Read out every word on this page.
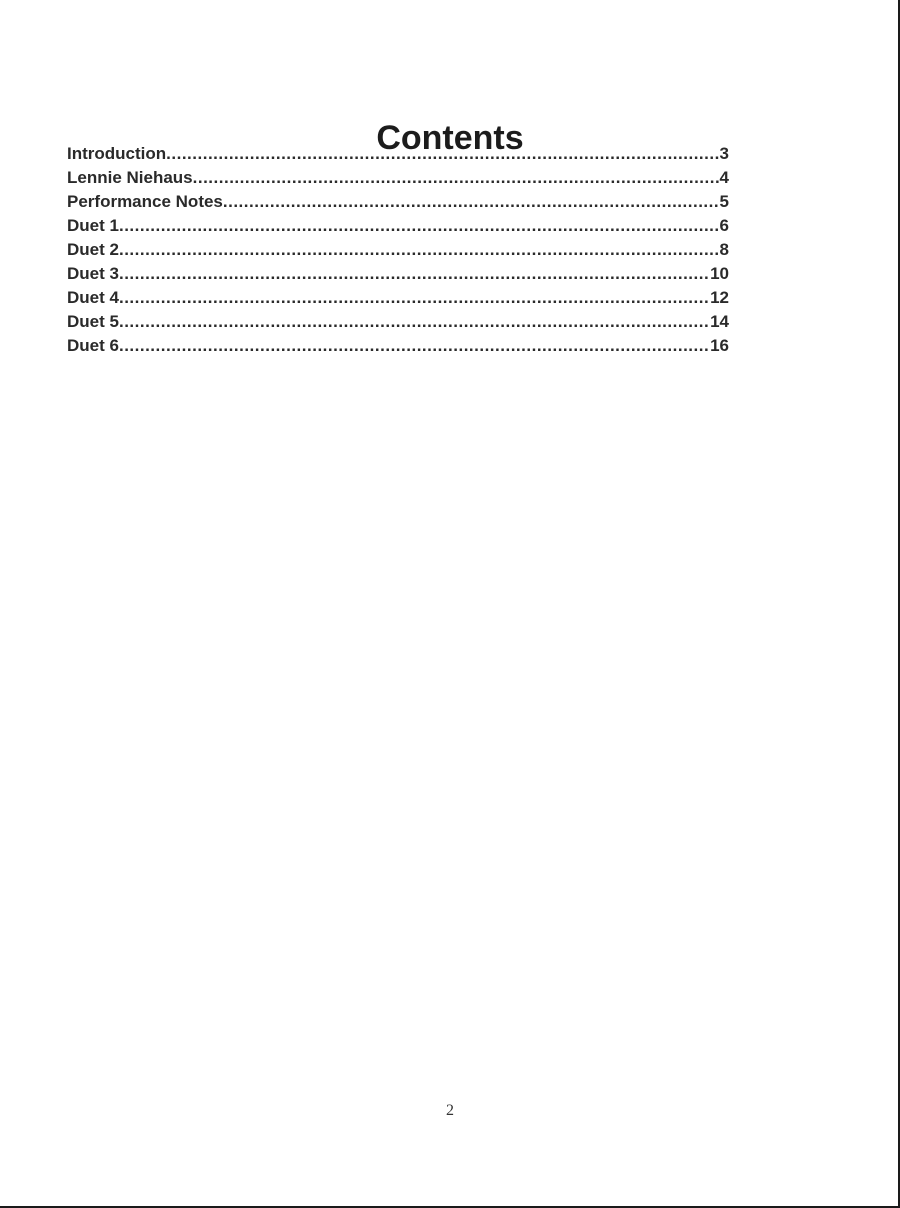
Contents
Introduction .....	3
Lennie Niehaus .....	4
Performance Notes .....	5
Duet 1 .....	6
Duet 2 .....	8
Duet 3 .....	10
Duet 4 .....	12
Duet 5 .....	14
Duet 6 .....	16
2
